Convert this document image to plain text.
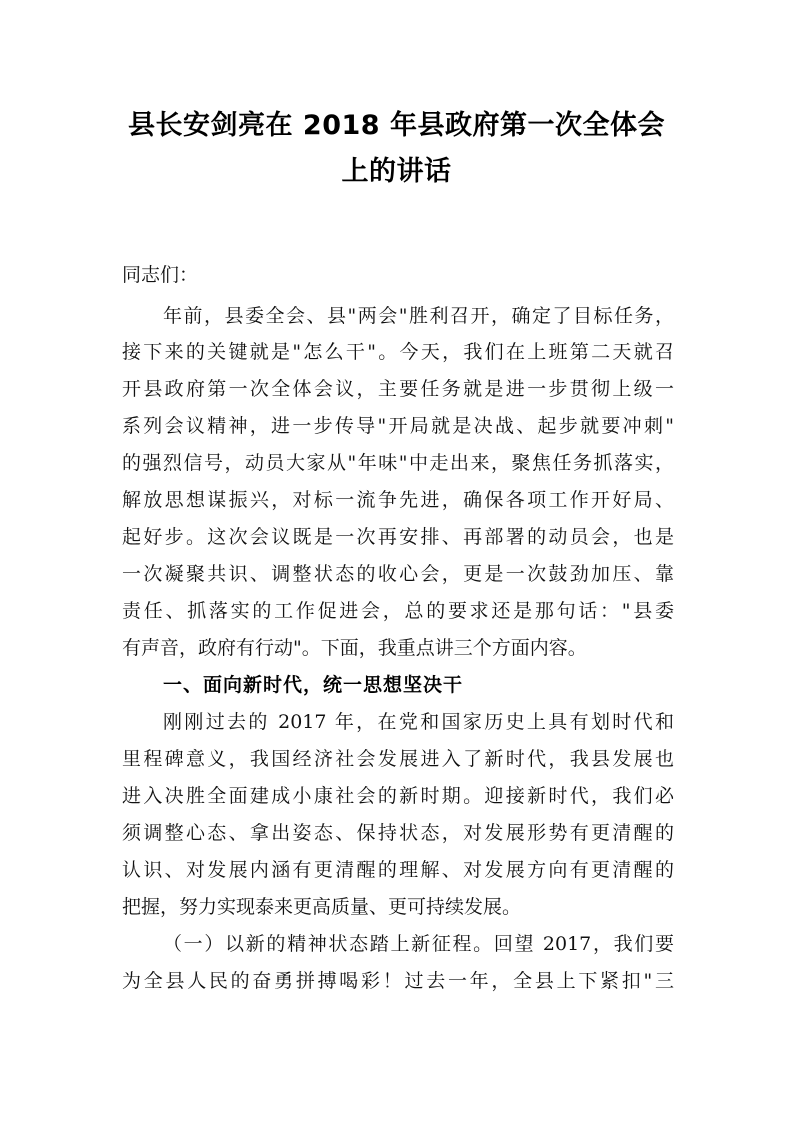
县长安剑亮在 2018 年县政府第一次全体会
上的讲话
同志们：
年前，县委全会、县"两会"胜利召开，确定了目标任务，
接下来的关键就是"怎么干"。今天，我们在上班第二天就召
开县政府第一次全体会议，主要任务就是进一步贯彻上级一
系列会议精神，进一步传导"开局就是决战、起步就要冲刺"
的强烈信号，动员大家从"年味"中走出来，聚焦任务抓落实，
解放思想谋振兴，对标一流争先进，确保各项工作开好局、
起好步。这次会议既是一次再安排、再部署的动员会，也是
一次凝聚共识、调整状态的收心会，更是一次鼓劲加压、靠
责任、抓落实的工作促进会，总的要求还是那句话："县委
有声音，政府有行动"。下面，我重点讲三个方面内容。
一、面向新时代，统一思想坚决干
刚刚过去的 2017 年，在党和国家历史上具有划时代和
里程碑意义，我国经济社会发展进入了新时代，我县发展也
进入决胜全面建成小康社会的新时期。迎接新时代，我们必
须调整心态、拿出姿态、保持状态，对发展形势有更清醒的
认识、对发展内涵有更清醒的理解、对发展方向有更清醒的
把握，努力实现泰来更高质量、更可持续发展。
（一）以新的精神状态踏上新征程。回望 2017，我们要
为全县人民的奋勇拼搏喝彩！过去一年，全县上下紧扣"三
